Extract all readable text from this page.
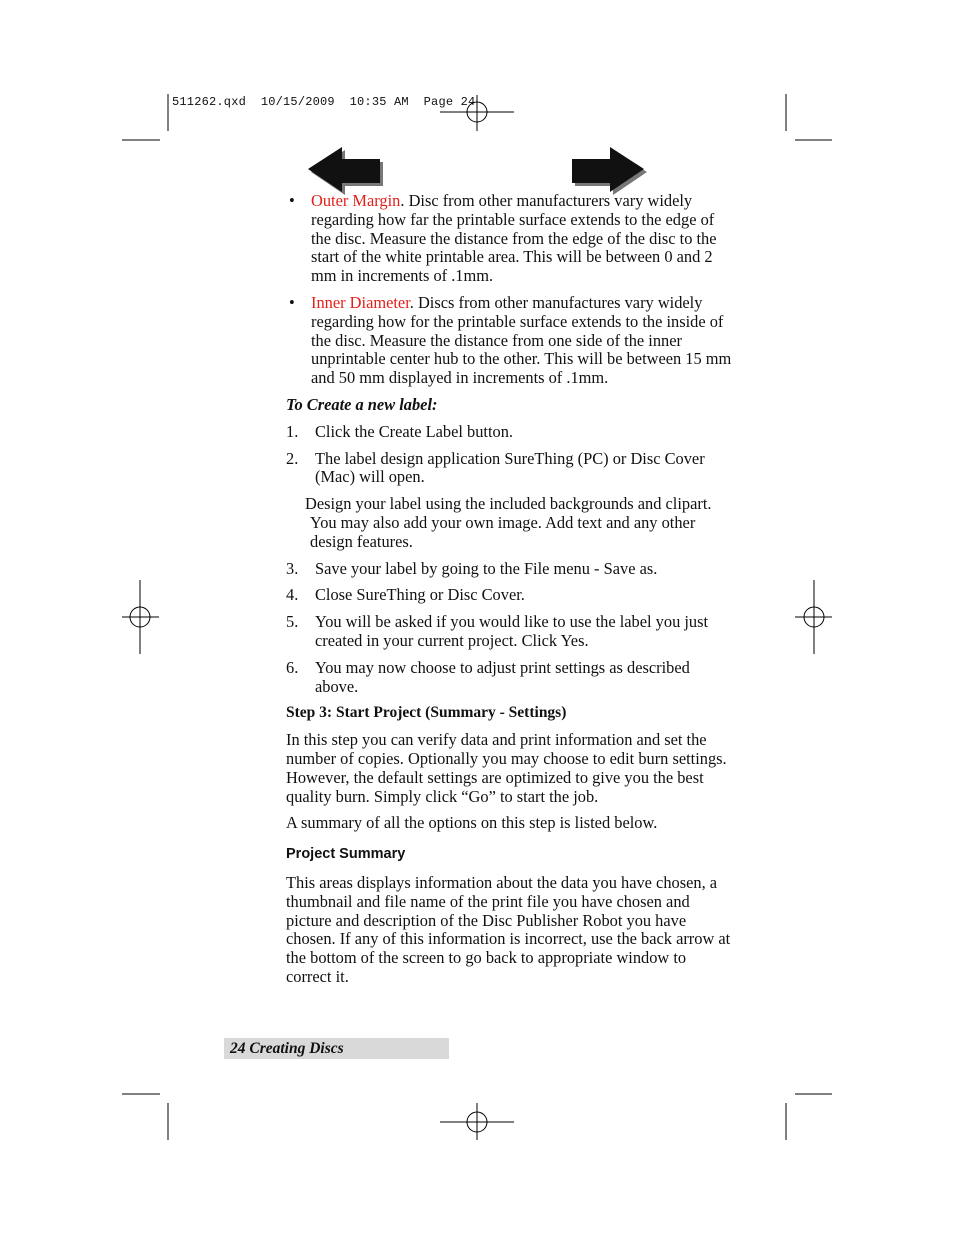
511262.qxd  10/15/2009  10:35 AM  Page 24
• Outer Margin. Disc from other manufacturers vary widely regarding how far the printable surface extends to the edge of the disc. Measure the distance from the edge of the disc to the start of the white printable area. This will be between 0 and 2 mm in increments of .1mm.

• Inner Diameter. Discs from other manufactures vary widely regarding how for the printable surface extends to the inside of the disc. Measure the distance from one side of the inner unprintable center hub to the other. This will be between 15 mm and 50 mm displayed in increments of .1mm.

To Create a new label:

1.	Click the Create Label button.
2.	The label design application SureThing (PC) or Disc Cover (Mac) will open.

Design your label using the included backgrounds and clipart. You may also add your own image. Add text and any other design features.

3.	Save your label by going to the File menu - Save as.
4.	Close SureThing or Disc Cover.
5.	You will be asked if you would like to use the label you just created in your current project. Click Yes.
6.	You may now choose to adjust print settings as described above.

Step 3: Start Project (Summary - Settings)

In this step you can verify data and print information and set the number of copies. Optionally you may choose to edit burn settings. However, the default settings are optimized to give you the best quality burn. Simply click “Go” to start the job.

A summary of all the options on this step is listed below.

Project Summary

This areas displays information about the data you have chosen, a thumbnail and file name of the print file you have chosen and picture and description of the Disc Publisher Robot you have chosen. If any of this information is incorrect, use the back arrow at the bottom of the screen to go back to appropriate window to correct it.

24 Creating Discs
